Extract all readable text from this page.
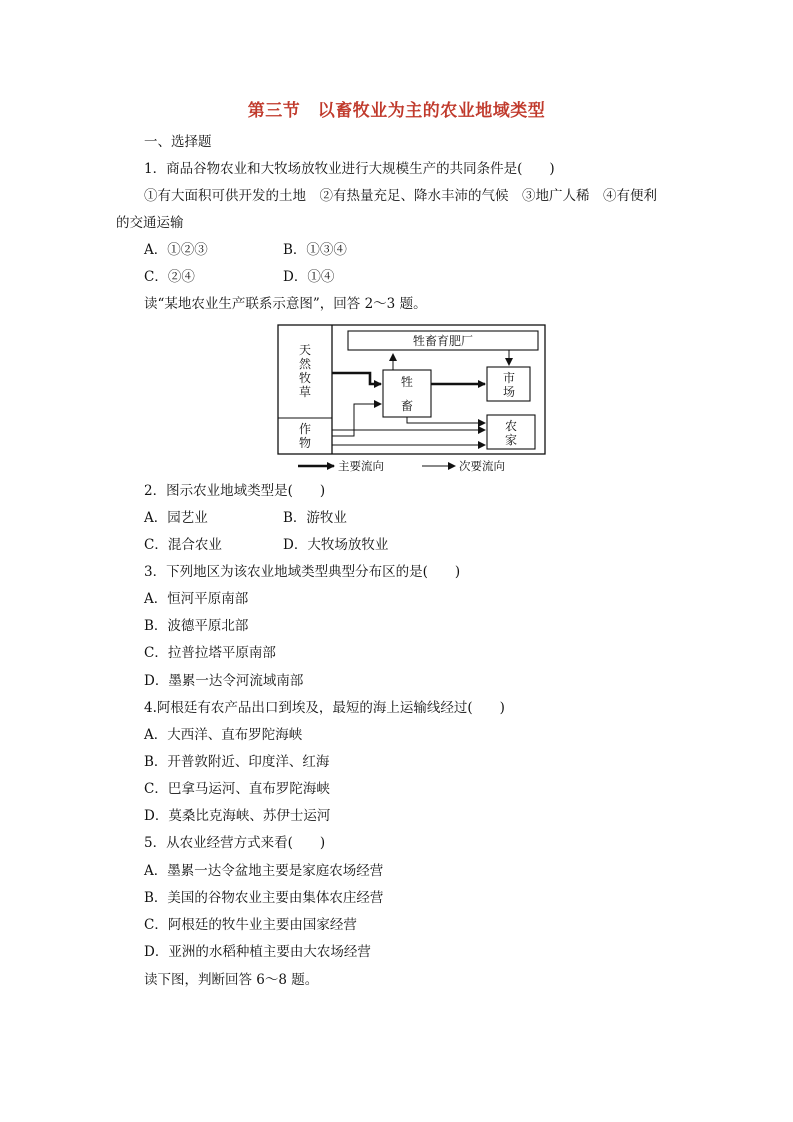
第三节　以畜牧业为主的农业地域类型
一、选择题
1．商品谷物农业和大牧场放牧业进行大规模生产的共同条件是(　　)
①有大面积可供开发的土地　②有热量充足、降水丰沛的气候　③地广人稀　④有便利
的交通运输
A．①②③	B．①③④
C．②④	D．①④
读“某地农业生产联系示意图”，回答 2～3 题。
天
然
牧
草
作
物
牲畜育肥厂
牲
畜
市
场
农
家
主要流向	次要流向
2．图示农业地域类型是(　　)
A．园艺业	B．游牧业
C．混合农业	D．大牧场放牧业
3．下列地区为该农业地域类型典型分布区的是(　　)
A．恒河平原南部
B．波德平原北部
C．拉普拉塔平原南部
D．墨累一达令河流域南部
4.阿根廷有农产品出口到埃及，最短的海上运输线经过(　　)
A．大西洋、直布罗陀海峡
B．开普敦附近、印度洋、红海
C．巴拿马运河、直布罗陀海峡
D．莫桑比克海峡、苏伊士运河
5．从农业经营方式来看(　　)
A．墨累一达令盆地主要是家庭农场经营
B．美国的谷物农业主要由集体农庄经营
C．阿根廷的牧牛业主要由国家经营
D．亚洲的水稻种植主要由大农场经营
读下图，判断回答 6～8 题。
